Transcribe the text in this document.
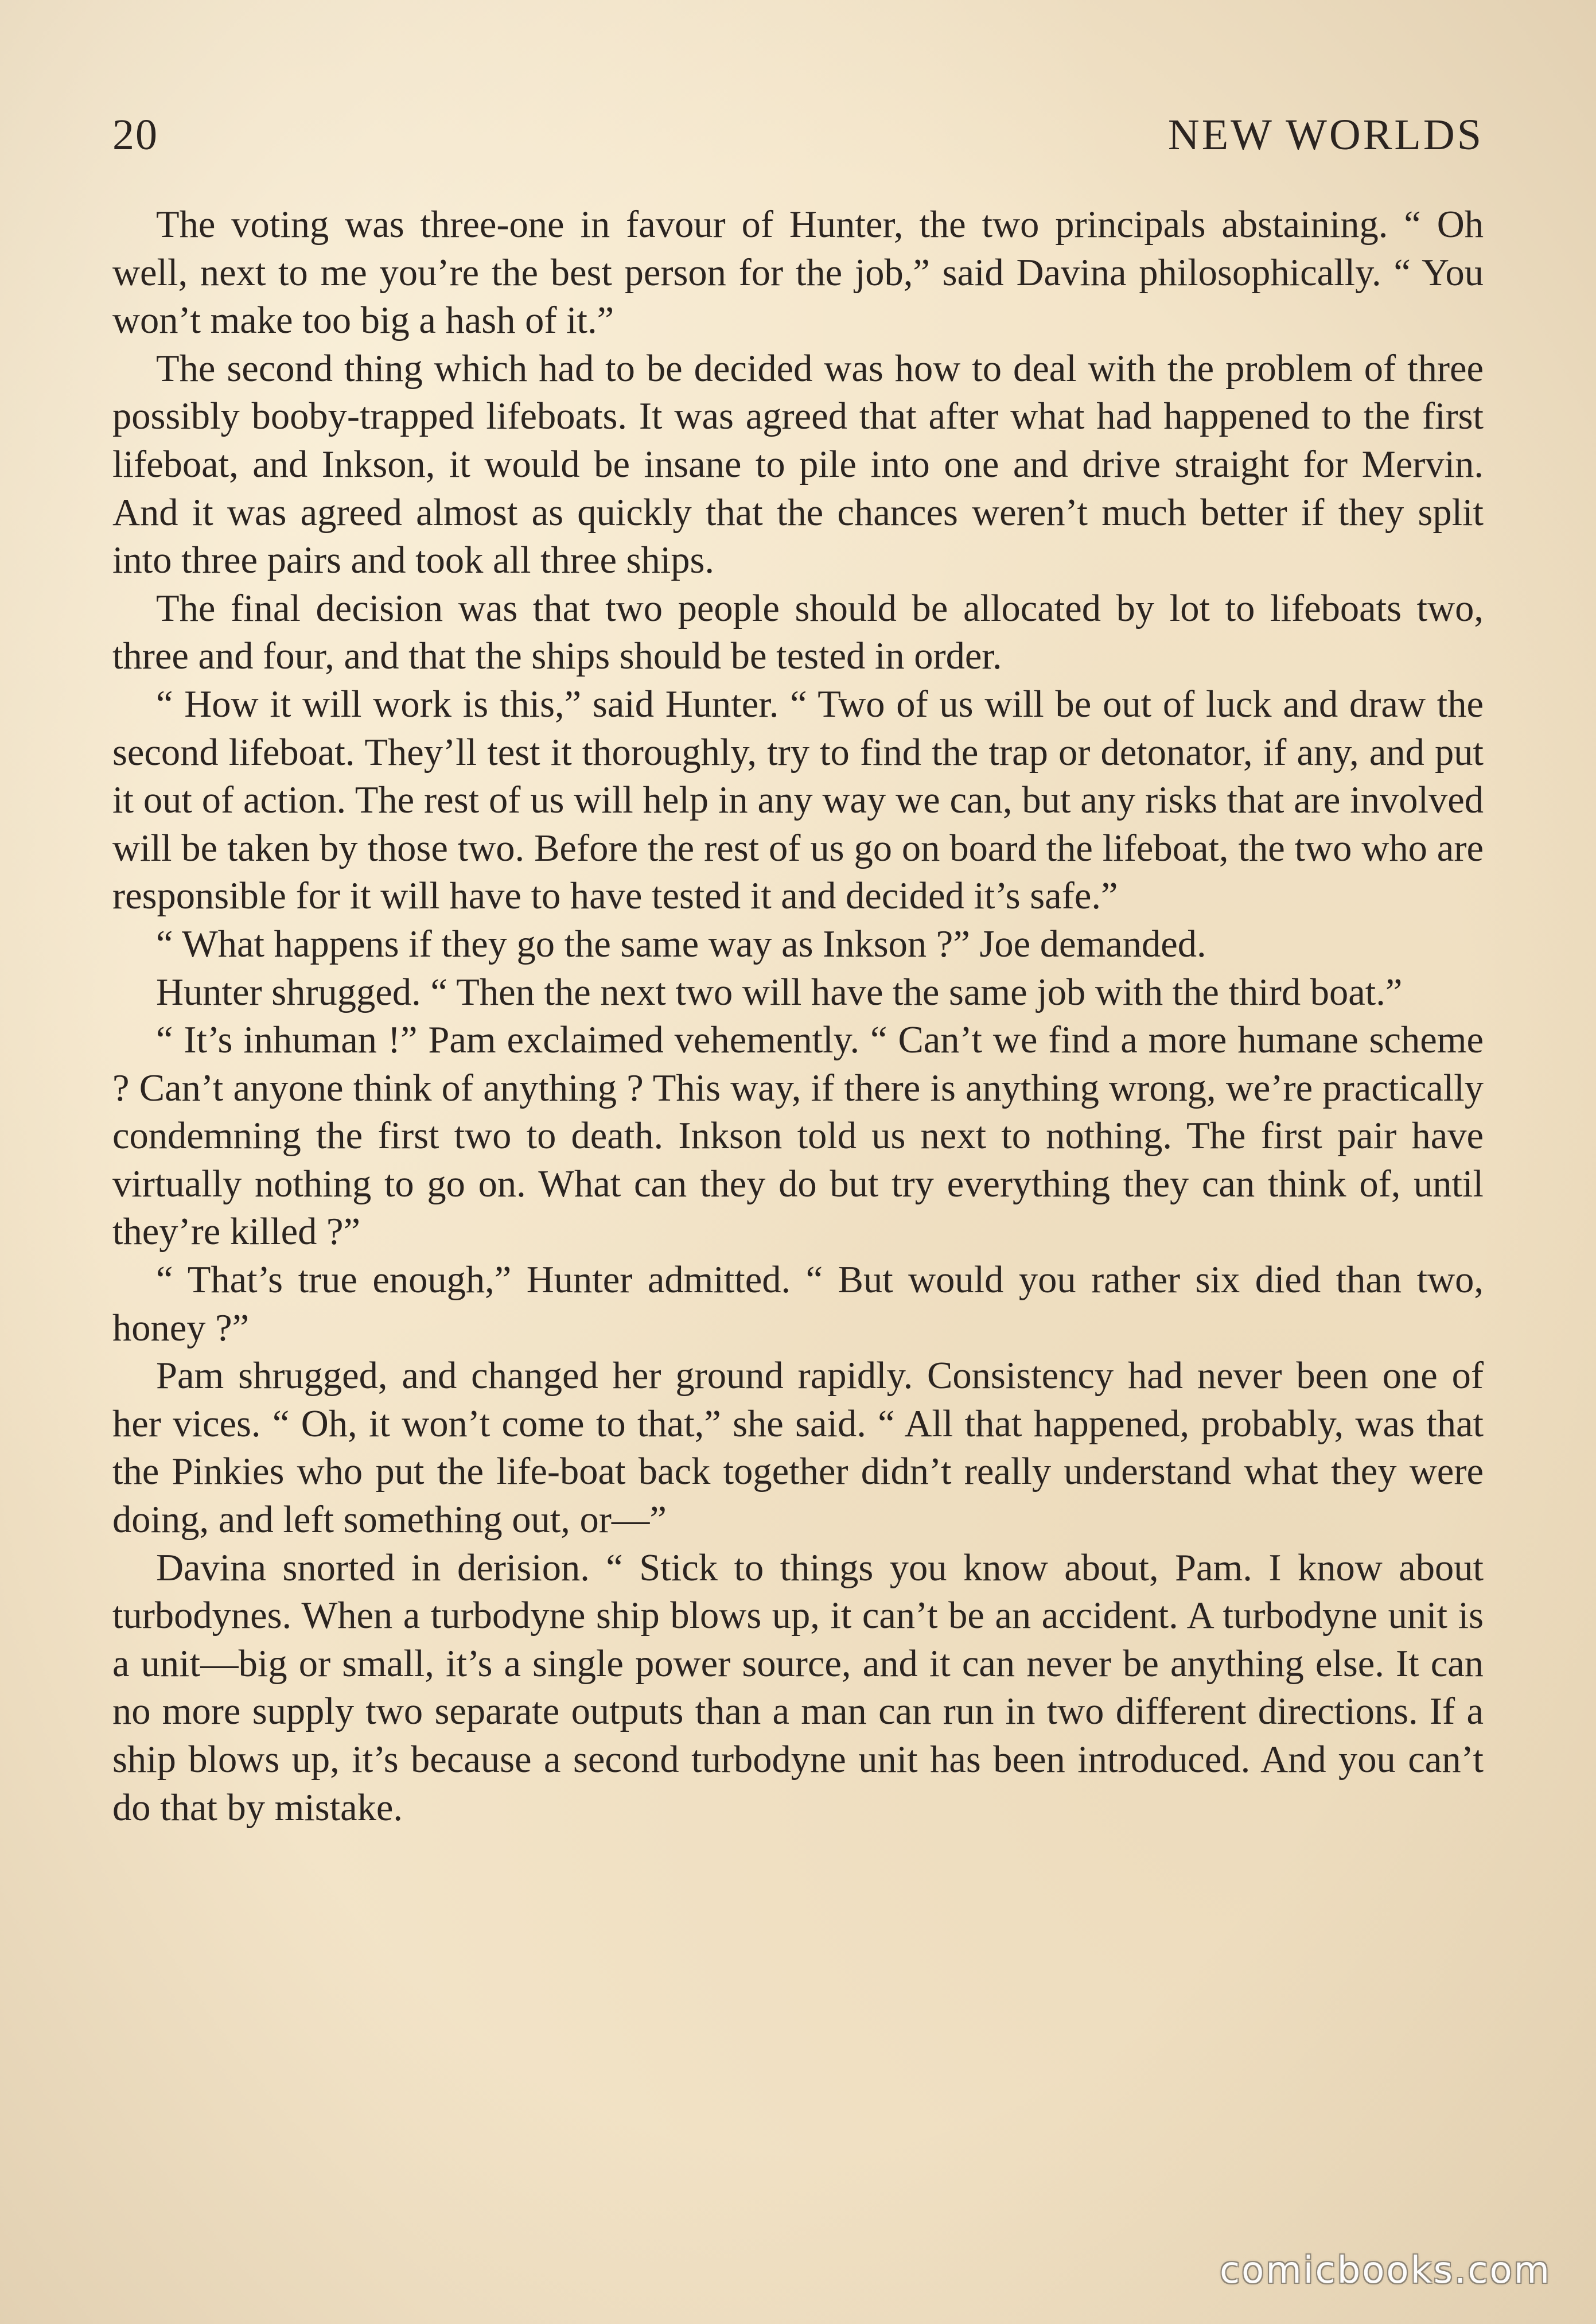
20	NEW WORLDS

The voting was three-one in favour of Hunter, the two principals abstaining. “ Oh well, next to me you’re the best person for the job,” said Davina philosophically. “ You won’t make too big a hash of it.”

The second thing which had to be decided was how to deal with the problem of three possibly booby-trapped lifeboats. It was agreed that after what had happened to the first lifeboat, and Inkson, it would be insane to pile into one and drive straight for Mervin. And it was agreed almost as quickly that the chances weren’t much better if they split into three pairs and took all three ships.

The final decision was that two people should be allocated by lot to lifeboats two, three and four, and that the ships should be tested in order.

“ How it will work is this,” said Hunter. “ Two of us will be out of luck and draw the second lifeboat. They’ll test it thoroughly, try to find the trap or detonator, if any, and put it out of action. The rest of us will help in any way we can, but any risks that are involved will be taken by those two. Before the rest of us go on board the lifeboat, the two who are responsible for it will have to have tested it and decided it’s safe.”

“ What happens if they go the same way as Inkson ?” Joe demanded.

Hunter shrugged. “ Then the next two will have the same job with the third boat.”

“ It’s inhuman !” Pam exclaimed vehemently. “ Can’t we find a more humane scheme ? Can’t anyone think of anything ? This way, if there is anything wrong, we’re practically condemning the first two to death. Inkson told us next to nothing. The first pair have virtually nothing to go on. What can they do but try everything they can think of, until they’re killed ?”

“ That’s true enough,” Hunter admitted. “ But would you rather six died than two, honey ?”

Pam shrugged, and changed her ground rapidly. Consistency had never been one of her vices. “ Oh, it won’t come to that,” she said. “ All that happened, probably, was that the Pinkies who put the life-boat back together didn’t really understand what they were doing, and left something out, or—”

Davina snorted in derision. “ Stick to things you know about, Pam. I know about turbodynes. When a turbodyne ship blows up, it can’t be an accident. A turbodyne unit is a unit—big or small, it’s a single power source, and it can never be anything else. It can no more supply two separate outputs than a man can run in two different directions. If a ship blows up, it’s because a second turbodyne unit has been introduced. And you can’t do that by mistake.

comicbooks.com
